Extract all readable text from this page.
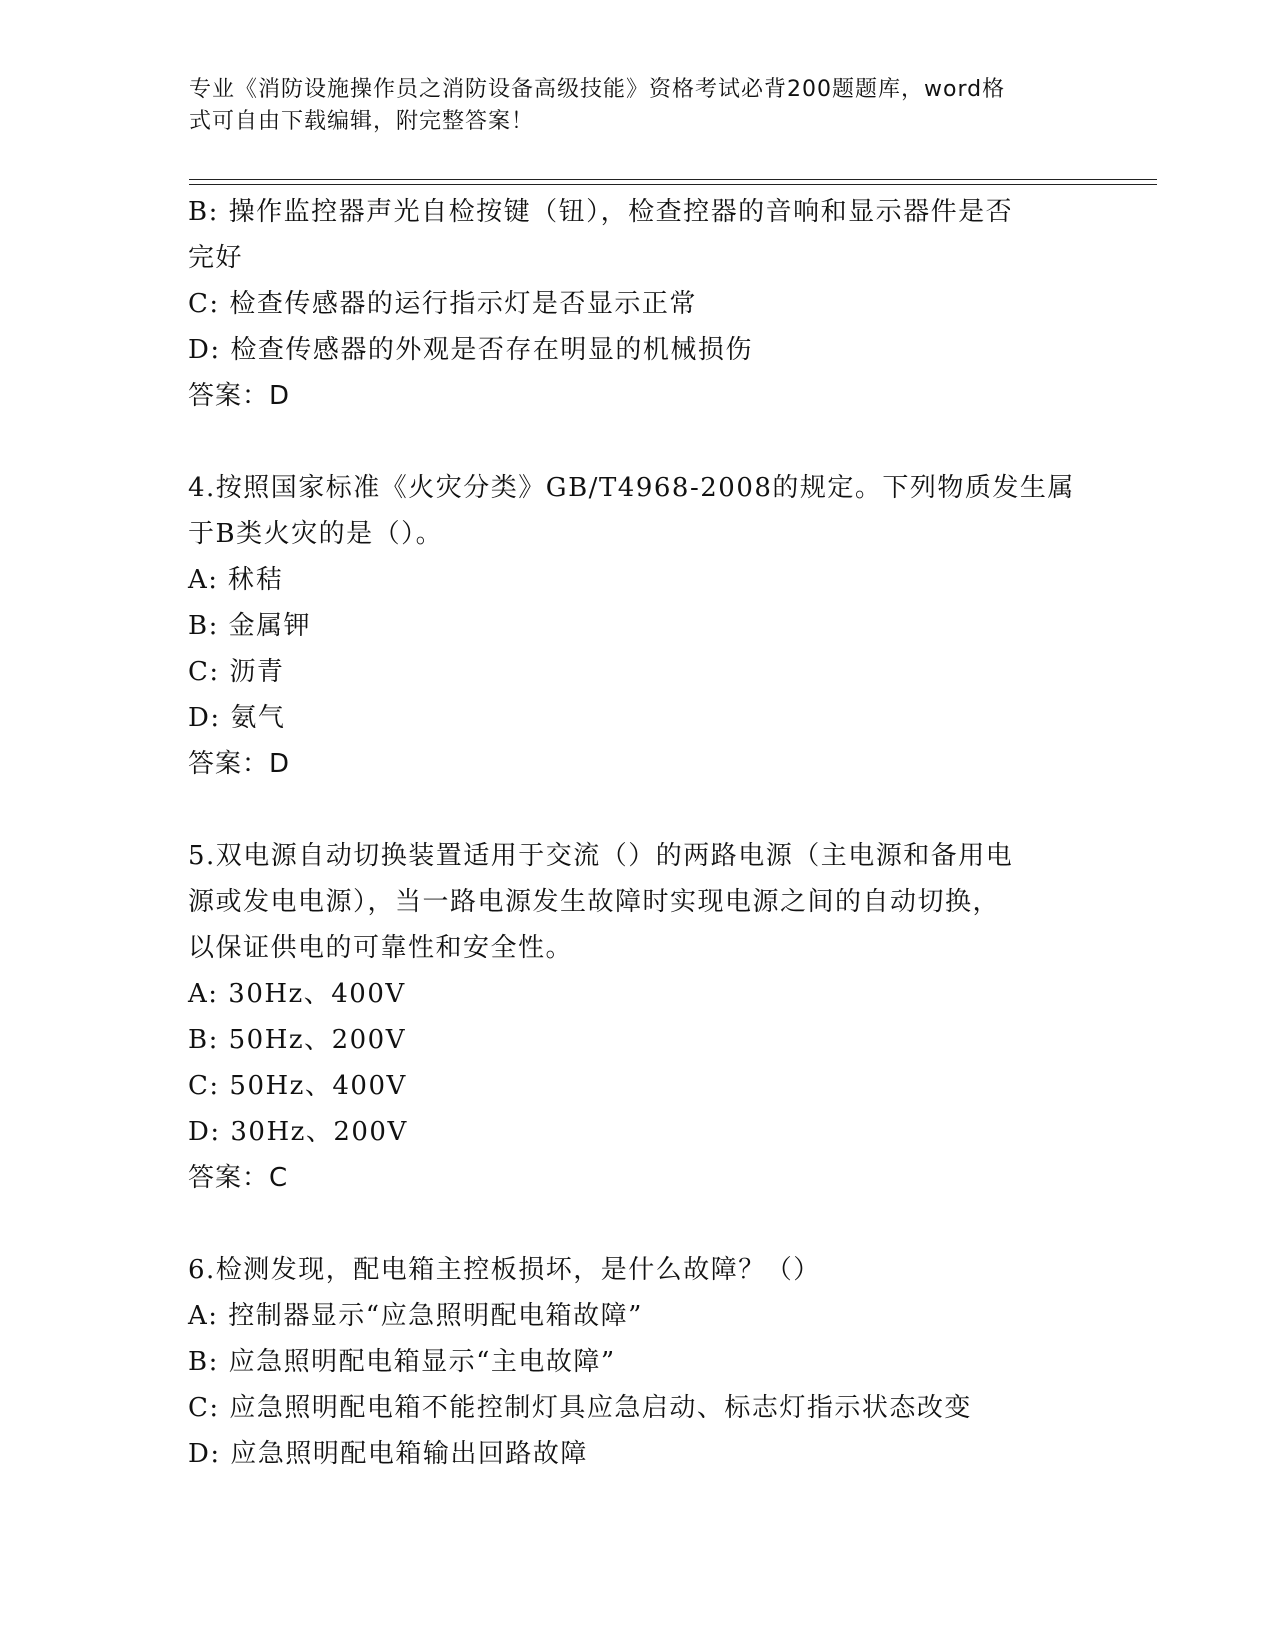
专业《消防设施操作员之消防设备高级技能》资格考试必背200题题库，word格
式可自由下载编辑，附完整答案！
B: 操作监控器声光自检按键（钮），检查控器的音响和显示器件是否
完好
C: 检查传感器的运行指示灯是否显示正常
D: 检查传感器的外观是否存在明显的机械损伤
答案：D
4.按照国家标准《火灾分类》GB/T4968-2008的规定。下列物质发生属
于B类火灾的是（）。
A: 秫秸
B: 金属钾
C: 沥青
D: 氨气
答案：D
5.双电源自动切换装置适用于交流（）的两路电源（主电源和备用电
源或发电电源），当一路电源发生故障时实现电源之间的自动切换，
以保证供电的可靠性和安全性。
A: 30Hz、400V
B: 50Hz、200V
C: 50Hz、400V
D: 30Hz、200V
答案：C
6.检测发现，配电箱主控板损坏，是什么故障？（）
A: 控制器显示“应急照明配电箱故障”
B: 应急照明配电箱显示“主电故障”
C: 应急照明配电箱不能控制灯具应急启动、标志灯指示状态改变
D: 应急照明配电箱输出回路故障
